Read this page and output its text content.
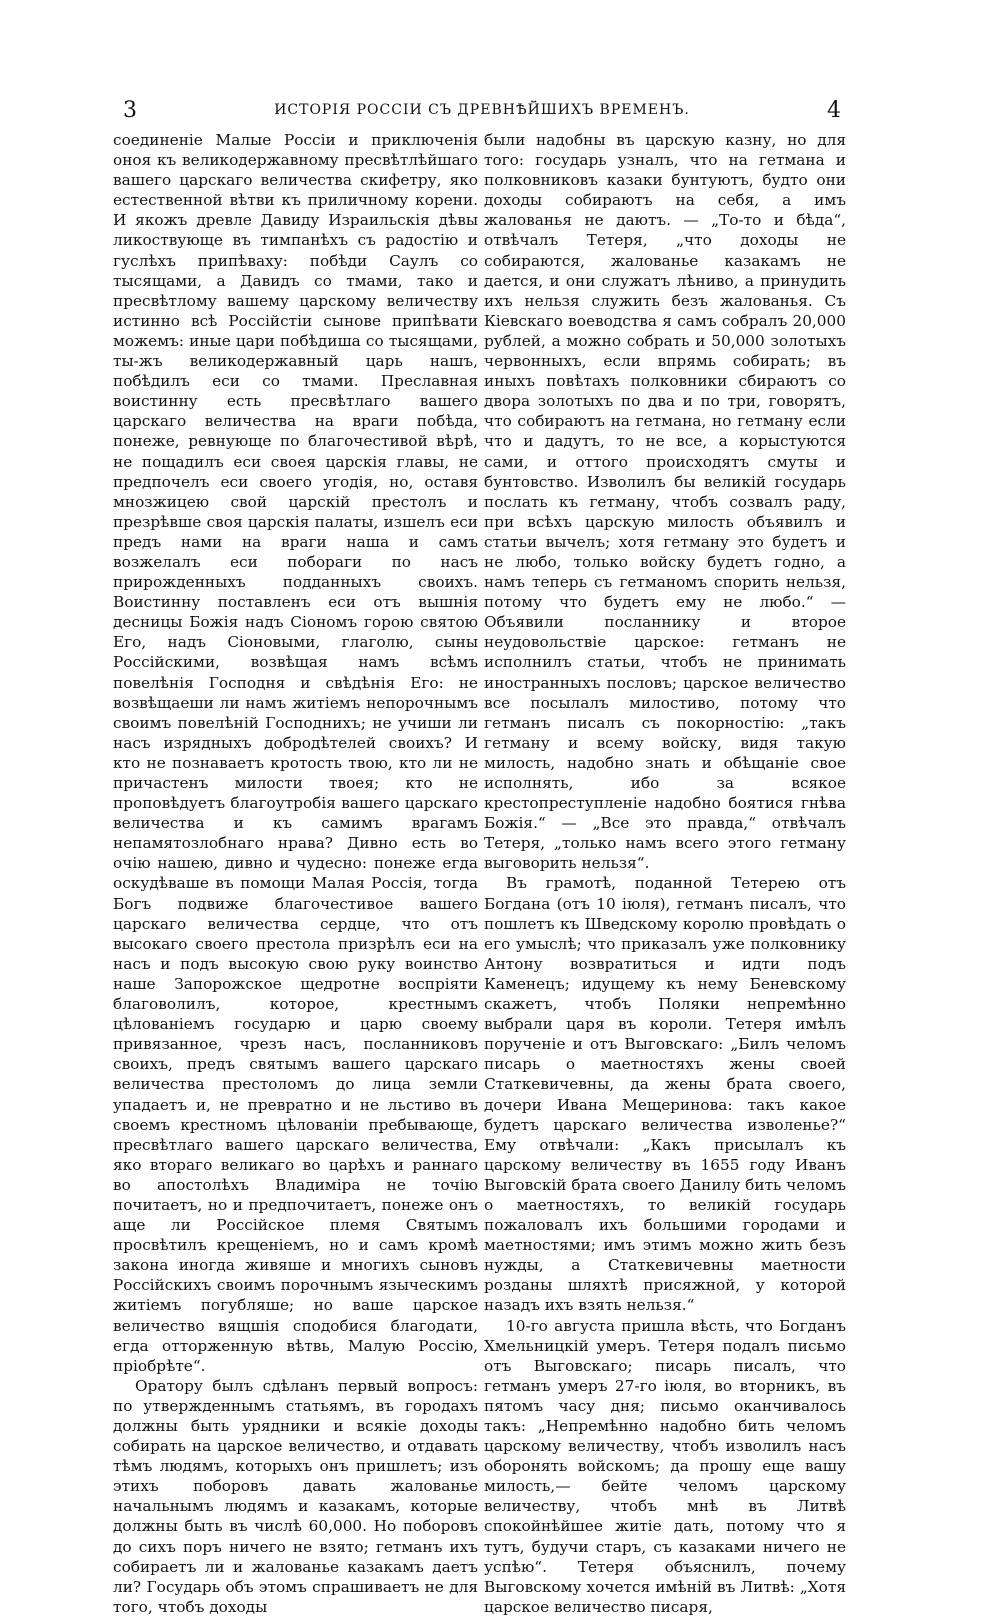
3	ИСТОРІЯ РОССІИ СЪ ДРЕВНѢЙШИХЪ ВРЕМЕНЪ.	4

соединеніе Малые Россіи и приключенія оноя къ великодержавному пресвѣтлѣйшаго вашего царскаго величества скифетру, яко естественной вѣтви къ приличному корени. И якожъ древле Давиду Израильскія дѣвы ликоствующе въ тимпанѣхъ съ радостію и гуслѣхъ припѣваху: побѣди Саулъ со тысящами, а Давидъ со тмами, тако и пресвѣтлому вашему царскому величеству истинно всѣ Россійстіи сынове припѣвати можемъ: иные цари побѣдиша со тысящами, ты-жъ великодержавный царь нашъ, побѣдилъ еси со тмами. Преславная воистинну есть пресвѣтлаго вашего царскаго величества на враги побѣда, понеже, ревнующе по благочестивой вѣрѣ, не пощадилъ еси своея царскія главы, не предпочелъ еси своего угодія, но, оставя мнозжицею свой царскій престолъ и презрѣвше своя царскія палаты, изшелъ еси предъ нами на враги наша и самъ возжелалъ еси побораги по насъ прирожденныхъ подданныхъ своихъ. Воистинну поставленъ еси отъ вышнія десницы Божія надъ Сіономъ горою святою Его, надъ Сіоновыми, глаголю, сыны Россійскими, возвѣщая намъ всѣмъ повелѣнія Господня и свѣдѣнія Его: не возвѣщаеши ли намъ житіемъ непорочнымъ своимъ повелѣній Господнихъ; не учиши ли насъ изрядныхъ добродѣтелей своихъ? И кто не познаваетъ кротость твою, кто ли не причастенъ милости твоея; кто не проповѣдуетъ благоутробія вашего царскаго величества и къ самимъ врагамъ непамятозлобнаго нрава? Дивно есть во очію нашею, дивно и чудесно: понеже егда оскудѣваше въ помощи Малая Россія, тогда Богъ подвиже благочестивое вашего царскаго величества сердце, что отъ высокаго своего престола призрѣлъ еси на насъ и подъ высокую свою руку воинство наше Запорожское щедротне воспріяти благоволилъ, которое, крестнымъ цѣлованіемъ государю и царю своему привязанное, чрезъ насъ, посланниковъ своихъ, предъ святымъ вашего царскаго величества престоломъ до лица земли упадаетъ и, не превратно и не льстиво въ своемъ крестномъ цѣлованіи пребывающе, пресвѣтлаго вашего царскаго величества, яко втораго великаго во царѣхъ и раннаго во апостолѣхъ Владиміра не точію почитаетъ, но и предпочитаетъ, понеже онъ аще ли Россійское племя Святымъ просвѣтилъ крещеніемъ, но и самъ кромѣ закона иногда живяше и многихъ сыновъ Россійскихъ своимъ порочнымъ языческимъ житіемъ погубляше; но ваше царское величество вящшія сподобися благодати, егда отторженную вѣтвь, Малую Россію, пріобрѣте“.

Оратору былъ сдѣланъ первый вопросъ: по утвержденнымъ статьямъ, въ городахъ должны быть урядники и всякіе доходы собирать на царское величество, и отдавать тѣмъ людямъ, которыхъ онъ пришлетъ; изъ этихъ поборовъ давать жалованье начальнымъ людямъ и казакамъ, которые должны быть въ числѣ 60,000. Но поборовъ до сихъ поръ ничего не взято; гетманъ ихъ собираетъ ли и жалованье казакамъ даетъ ли? Государь объ этомъ спрашиваетъ не для того, чтобъ доходы

были надобны въ царскую казну, но для того: государь узналъ, что на гетмана и полковниковъ казаки бунтуютъ, будто они доходы собираютъ на себя, а имъ жалованья не даютъ. — „То-то и бѣда“, отвѣчалъ Тетеря, „что доходы не собираются, жалованье казакамъ не дается, и они служатъ лѣниво, а принудить ихъ нельзя служить безъ жалованья. Съ Кіевскаго воеводства я самъ собралъ 20,000 рублей, а можно собрать и 50,000 золотыхъ червонныхъ, если впрямь собирать; въ иныхъ повѣтахъ полковники сбираютъ со двора золотыхъ по два и по три, говорятъ, что собираютъ на гетмана, но гетману если что и дадутъ, то не все, а корыстуются сами, и оттого происходятъ смуты и бунтовство. Изволилъ бы великій государь послать къ гетману, чтобъ созвалъ раду, при всѣхъ царскую милость объявилъ и статьи вычелъ; хотя гетману это будетъ и не любо, только войску будетъ годно, а намъ теперь съ гетманомъ спорить нельзя, потому что будетъ ему не любо.“ — Объявили посланнику и второе неудовольствіе царское: гетманъ не исполнилъ статьи, чтобъ не принимать иностранныхъ пословъ; царское величество все посылалъ милостиво, потому что гетманъ писалъ съ покорностію: „такъ гетману и всему войску, видя такую милость, надобно знать и обѣщаніе свое исполнять, ибо за всякое крестопреступленіе надобно боятися гнѣва Божія.“ — „Все это правда,“ отвѣчалъ Тетеря, „только намъ всего этого гетману выговорить нельзя“.

Въ грамотѣ, поданной Тетерею отъ Богдана (отъ 10 іюля), гетманъ писалъ, что пошлетъ къ Шведскому королю провѣдать о его умыслѣ; что приказалъ уже полковнику Антону возвратиться и идти подъ Каменецъ; идущему къ нему Беневскому скажетъ, чтобъ Поляки непремѣнно выбрали царя въ короли. Тетеря имѣлъ порученіе и отъ Выговскаго: „Билъ челомъ писарь о маетностяхъ жены своей Статкевичевны, да жены брата своего, дочери Ивана Мещеринова: такъ какое будетъ царскаго величества изволенье?“ Ему отвѣчали: „Какъ присылалъ къ царскому величеству въ 1655 году Иванъ Выговскій брата своего Данилу бить челомъ о маетностяхъ, то великій государь пожаловалъ ихъ большими городами и маетностями; имъ этимъ можно жить безъ нужды, а Статкевичевны маетности розданы шляхтѣ присяжной, у которой назадъ ихъ взять нельзя.“

10-го августа пришла вѣсть, что Богданъ Хмельницкій умеръ. Тетеря подалъ письмо отъ Выговскаго; писарь писалъ, что гетманъ умеръ 27-го іюля, во вторникъ, въ пятомъ часу дня; письмо оканчивалось такъ: „Непремѣнно надобно бить челомъ царскому величеству, чтобъ изволилъ насъ оборонять войскомъ; да прошу еще вашу милость,— бейте челомъ царскому величеству, чтобъ мнѣ въ Литвѣ спокойнѣйшее житіе дать, потому что я тутъ, будучи старъ, съ казаками ничего не успѣю“. Тетеря объяснилъ, почему Выговскому хочется имѣній въ Литвѣ: „Хотя царское величество писаря,
